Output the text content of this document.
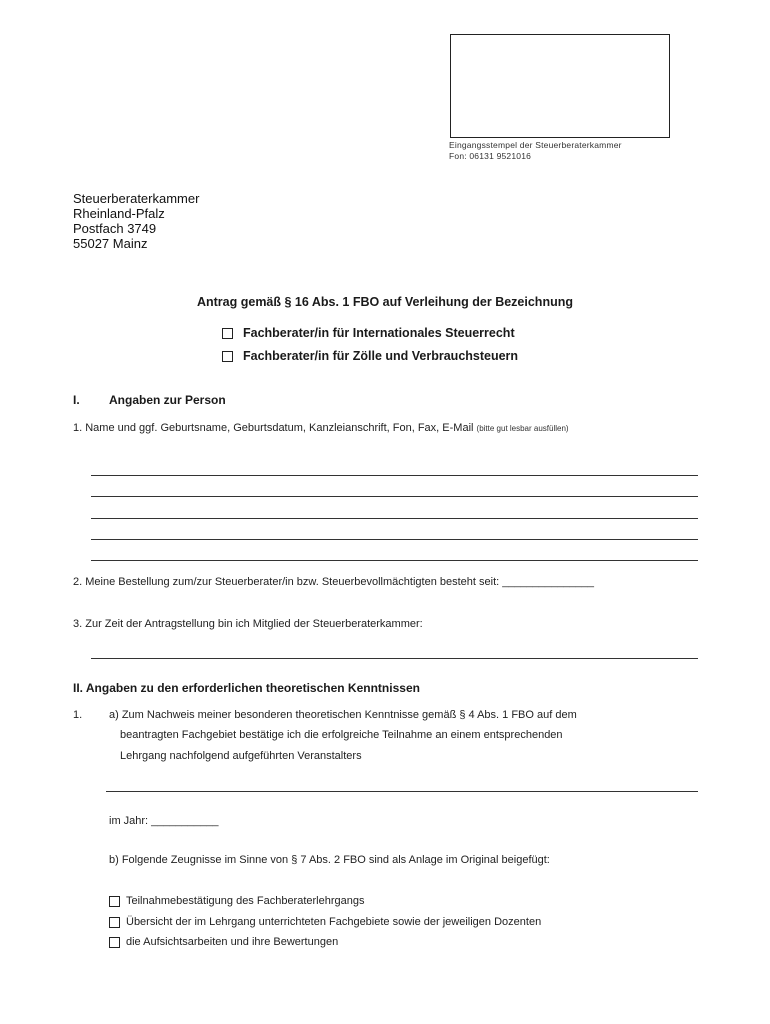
Eingangsstempel der Steuerberaterkammer
Fon: 06131 9521016
Steuerberaterkammer
Rheinland-Pfalz
Postfach 3749
55027 Mainz
Antrag gemäß § 16 Abs. 1 FBO auf Verleihung der Bezeichnung
Fachberater/in für Internationales Steuerrecht
Fachberater/in für Zölle und Verbrauchsteuern
I. Angaben zur Person
1. Name und ggf. Geburtsname, Geburtsdatum, Kanzleianschrift, Fon, Fax, E-Mail (bitte gut lesbar ausfüllen)
2. Meine Bestellung zum/zur Steuerberater/in bzw. Steuerbevollmächtigten besteht seit: _______________
3. Zur Zeit der Antragstellung bin ich Mitglied der Steuerberaterkammer:
II. Angaben zu den erforderlichen theoretischen Kenntnissen
1. a) Zum Nachweis meiner besonderen theoretischen Kenntnisse gemäß § 4 Abs. 1 FBO auf dem
beantragten Fachgebiet bestätige ich die erfolgreiche Teilnahme an einem entsprechenden
Lehrgang nachfolgend aufgeführten Veranstalters
im Jahr: ___________
b) Folgende Zeugnisse im Sinne von § 7 Abs. 2 FBO sind als Anlage im Original beigefügt:
Teilnahmebestätigung des Fachberaterlehrgangs
Übersicht der im Lehrgang unterrichteten Fachgebiete sowie der jeweiligen Dozenten
die Aufsichtsarbeiten und ihre Bewertungen
